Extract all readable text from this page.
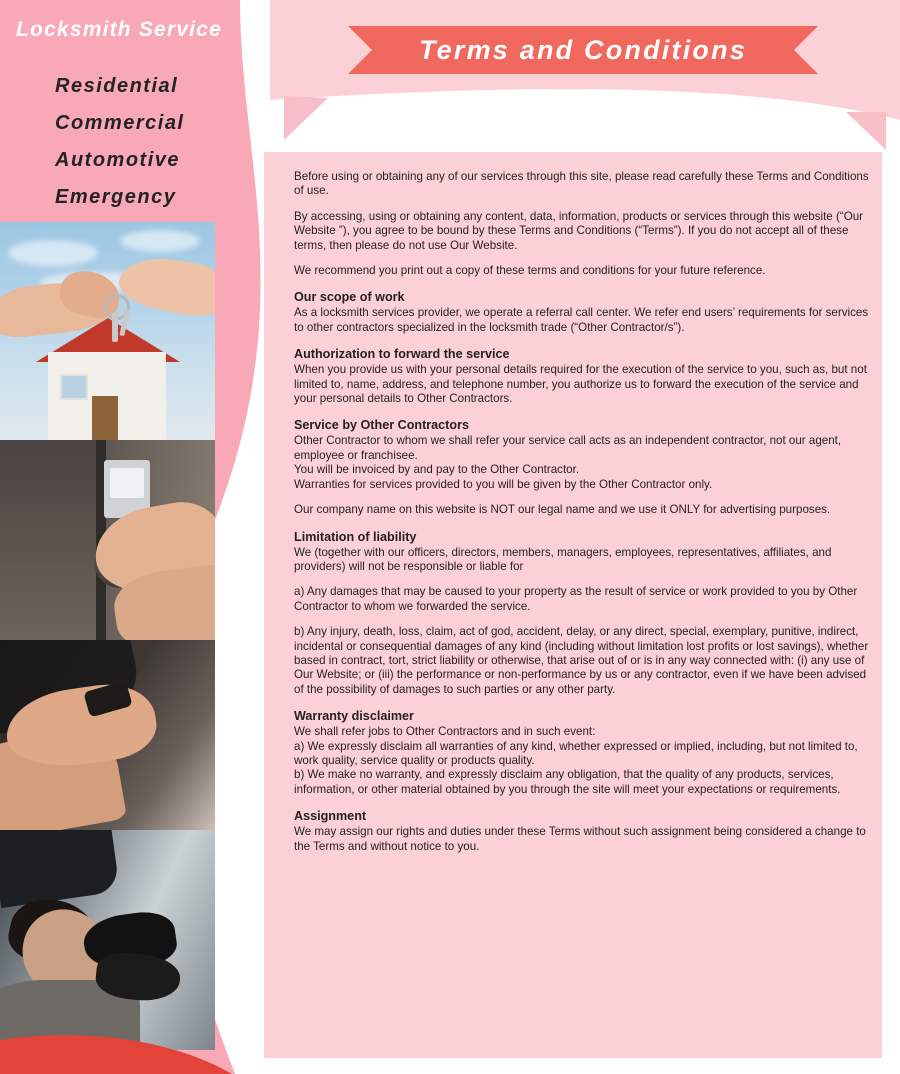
Locksmith Service
Residential
Commercial
Automotive
Emergency
Terms and Conditions

Before using or obtaining any of our services through this site, please read carefully these Terms and Conditions of use.

By accessing, using or obtaining any content, data, information, products or services through this website (“Our Website ”), you agree to be bound by these Terms and Conditions (“Terms”). If you do not accept all of these terms, then please do not use Our Website.

We recommend you print out a copy of these terms and conditions for your future reference.

Our scope of work

As a locksmith services provider, we operate a referral call center. We refer end users’ requirements for services to other contractors specialized in the locksmith trade (“Other Contractor/s”).

Authorization to forward the service

When you provide us with your personal details required for the execution of the service to you, such as, but not limited to, name, address, and telephone number, you authorize us to forward the execution of the service and your personal details to Other Contractors.

Service by Other Contractors

Other Contractor to whom we shall refer your service call acts as an independent contractor, not our agent, employee or franchisee.

You will be invoiced by and pay to the Other Contractor.

Warranties for services provided to you will be given by the Other Contractor only.

Our company name on this website is NOT our legal name and we use it ONLY for advertising purposes.

Limitation of liability

We (together with our officers, directors, members, managers, employees, representatives, affiliates, and providers) will not be responsible or liable for

a) Any damages that may be caused to your property as the result of service or work provided to you by Other Contractor to whom we forwarded the service.

b) Any injury, death, loss, claim, act of god, accident, delay, or any direct, special, exemplary, punitive, indirect, incidental or consequential damages of any kind (including without limitation lost profits or lost savings), whether based in contract, tort, strict liability or otherwise, that arise out of or is in any way connected with: (i) any use of Our Website; or (iii) the performance or non-performance by us or any contractor, even if we have been advised of the possibility of damages to such parties or any other party.

Warranty disclaimer

We shall refer jobs to Other Contractors and in such event:

a) We expressly disclaim all warranties of any kind, whether expressed or implied, including, but not limited to, work quality, service quality or products quality.

b) We make no warranty, and expressly disclaim any obligation, that the quality of any products, services, information, or other material obtained by you through the site will meet your expectations or requirements.

Assignment

We may assign our rights and duties under these Terms without such assignment being considered a change to the Terms and without notice to you.
